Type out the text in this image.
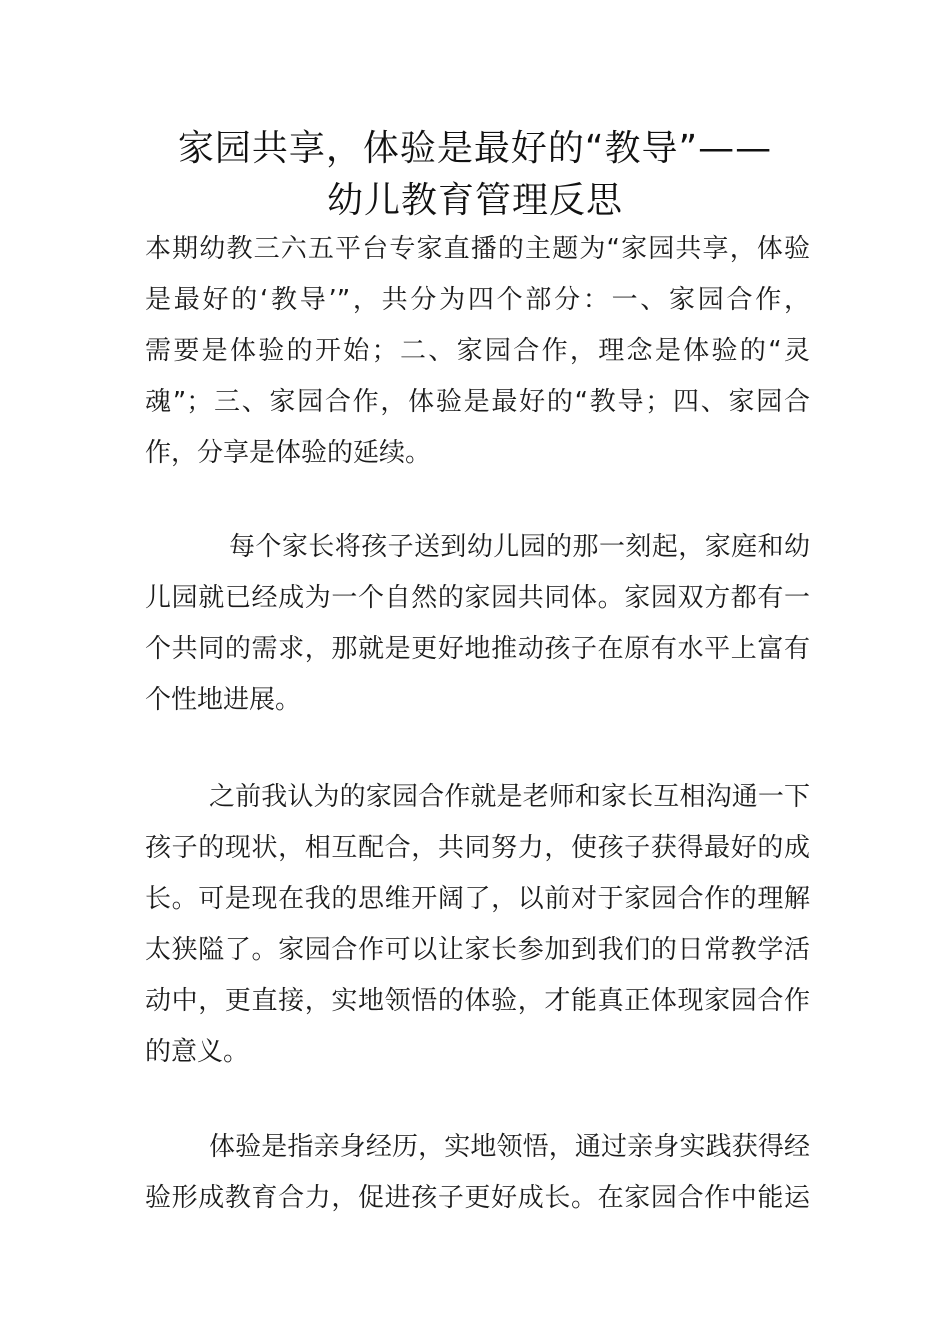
家园共享，体验是最好的“教导”——
幼儿教育管理反思
本期幼教三六五平台专家直播的主题为“家园共享，体验
是最好的‘教导’”，共分为四个部分：一、家园合作，
需要是体验的开始；二、家园合作，理念是体验的“灵
魂”；三、家园合作，体验是最好的“教导；四、家园合
作，分享是体验的延续。
每个家长将孩子送到幼儿园的那一刻起，家庭和幼
儿园就已经成为一个自然的家园共同体。家园双方都有一
个共同的需求，那就是更好地推动孩子在原有水平上富有
个性地进展。
之前我认为的家园合作就是老师和家长互相沟通一下
孩子的现状，相互配合，共同努力，使孩子获得最好的成
长。可是现在我的思维开阔了，以前对于家园合作的理解
太狭隘了。家园合作可以让家长参加到我们的日常教学活
动中，更直接，实地领悟的体验，才能真正体现家园合作
的意义。
体验是指亲身经历，实地领悟，通过亲身实践获得经
验形成教育合力，促进孩子更好成长。在家园合作中能运
